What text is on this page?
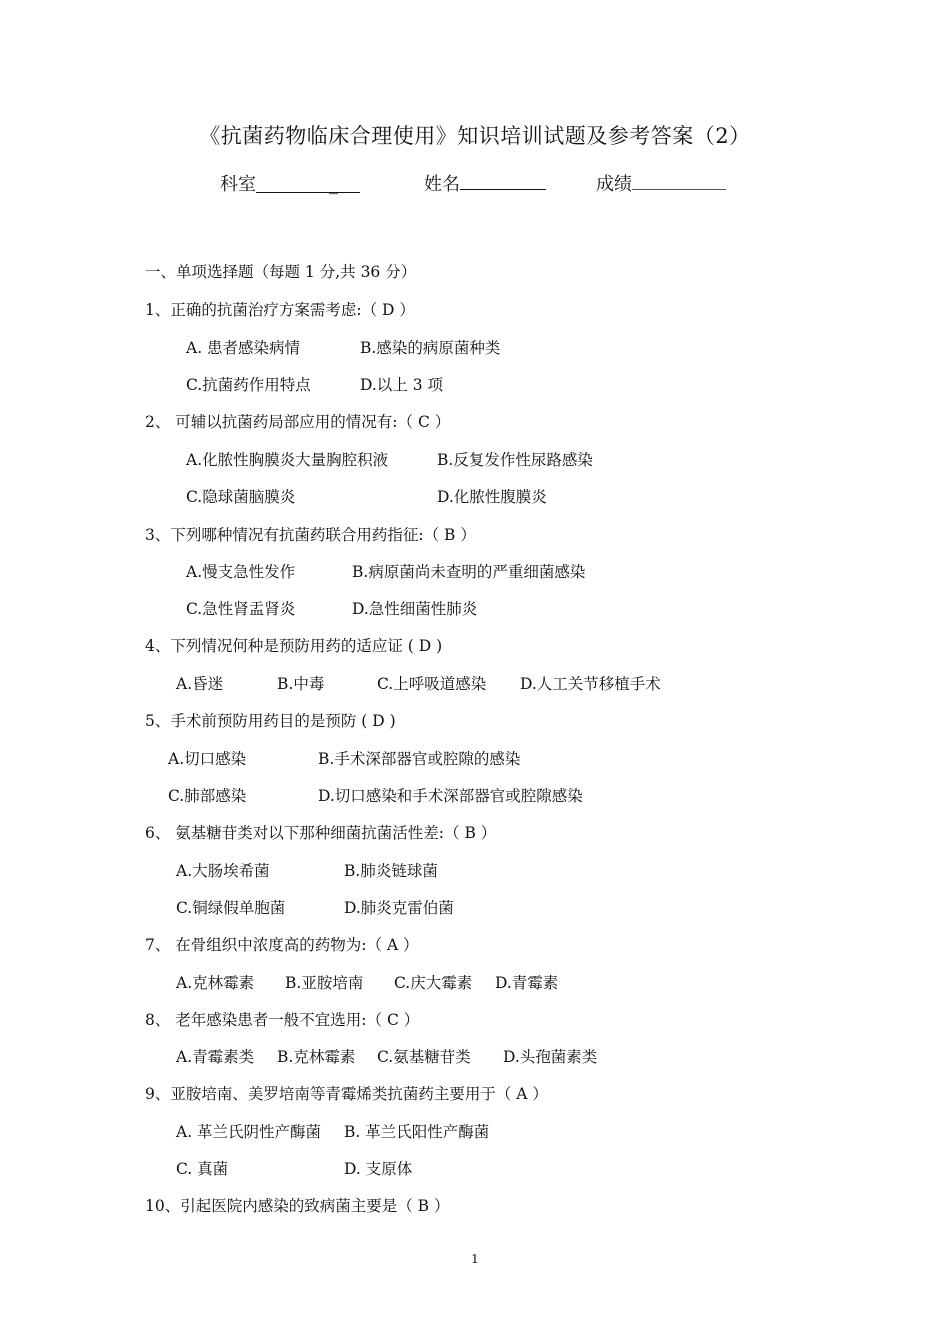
《抗菌药物临床合理使用》知识培训试题及参考答案（2）
科室	_	姓名	成绩
一、单项选择题（每题 1 分,共 36 分）
1、正确的抗菌治疗方案需考虑:（ D ）
A. 患者感染病情	B.感染的病原菌种类
C.抗菌药作用特点	D.以上 3 项
2、 可辅以抗菌药局部应用的情况有:（ C ）
A.化脓性胸膜炎大量胸腔积液	B.反复发作性尿路感染
C.隐球菌脑膜炎	D.化脓性腹膜炎
3、下列哪种情况有抗菌药联合用药指征:（ B ）
A.慢支急性发作	B.病原菌尚未查明的严重细菌感染
C.急性肾盂肾炎	D.急性细菌性肺炎
4、下列情况何种是预防用药的适应证 ( D )
A.昏迷	B.中毒	C.上呼吸道感染 D.人工关节移植手术
5、手术前预防用药目的是预防 ( D )
A.切口感染	B.手术深部器官或腔隙的感染
C.肺部感染	D.切口感染和手术深部器官或腔隙感染
6、 氨基糖苷类对以下那种细菌抗菌活性差:（ B ）
A.大肠埃希菌	B.肺炎链球菌
C.铜绿假单胞菌	D.肺炎克雷伯菌
7、 在骨组织中浓度高的药物为:（ A ）
A.克林霉素 B.亚胺培南 C.庆大霉素 D.青霉素
8、 老年感染患者一般不宜选用:（ C ）
A.青霉素类 B.克林霉素 C.氨基糖苷类 D.头孢菌素类
9、亚胺培南、美罗培南等青霉烯类抗菌药主要用于（ A ）
A. 革兰氏阴性产酶菌 B. 革兰氏阳性产酶菌
C. 真菌	D. 支原体
10、引起医院内感染的致病菌主要是（ B ）
1
